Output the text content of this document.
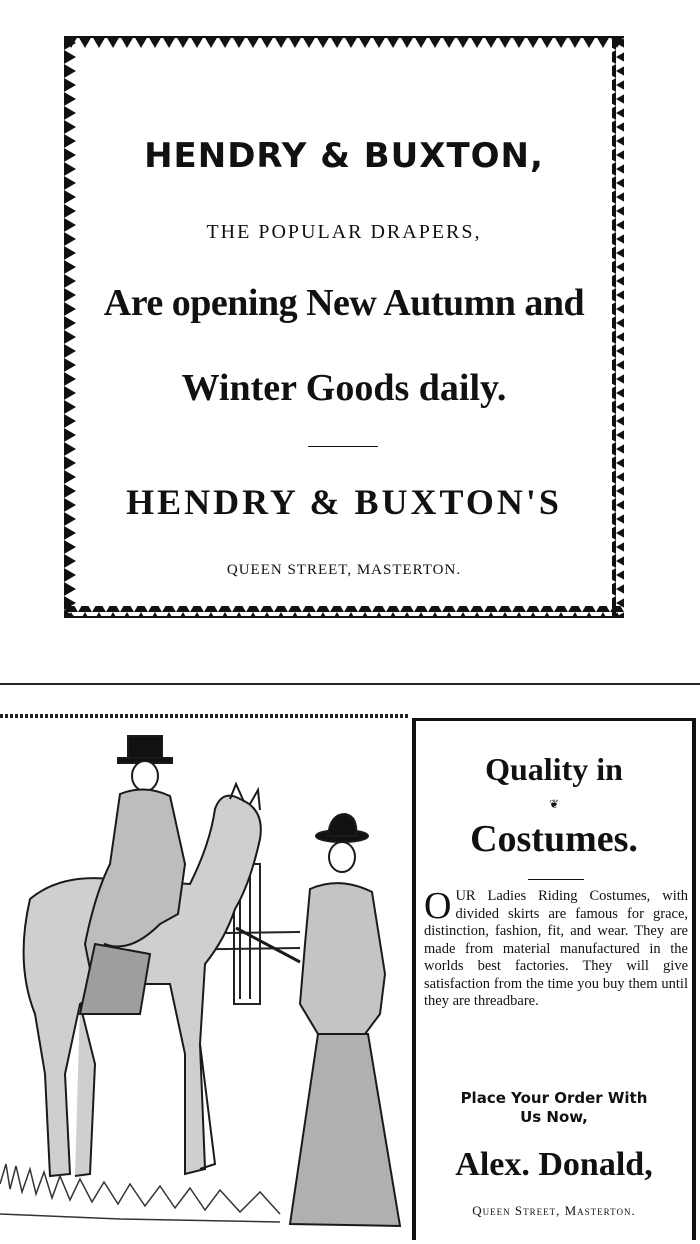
HENDRY & BUXTON,
THE POPULAR DRAPERS,
Are opening New Autumn and
Winter Goods daily.
HENDRY & BUXTON'S
QUEEN STREET, MASTERTON.
Quality in
❦
Costumes.
OUR Ladies Riding Costumes, with divided skirts are famous for grace, distinction, fashion, fit, and wear. They are made from material manufactured in the worlds best factories. They will give satisfaction from the time you buy them until they are threadbare.
Place Your Order With
Us Now,
Alex. Donald,
Queen Street, Masterton.
